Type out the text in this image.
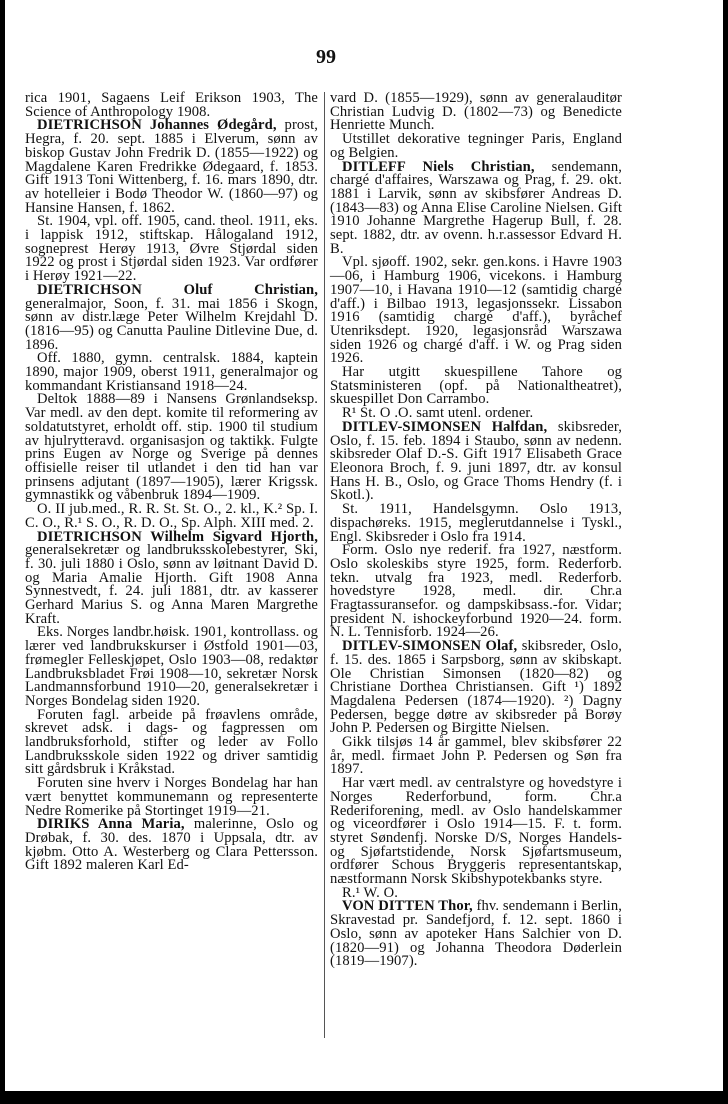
99

rica 1901, Sagaens Leif Erikson 1903, The Science of Anthropology 1908.

DIETRICHSON Johannes Ødegård, prost, Hegra, f. 20. sept. 1885 i Elverum, sønn av biskop Gustav John Fredrik D. (1855—1922) og Magdalene Karen Fredrikke Ødegaard, f. 1853. Gift 1913 Toni Wittenberg, f. 16. mars 1890, dtr. av hotelleier i Bodø Theodor W. (1860—97) og Hansine Hansen, f. 1862.

St. 1904, vpl. off. 1905, cand. theol. 1911, eks. i lappisk 1912, stiftskap. Hålogaland 1912, sogneprest Herøy 1913, Øvre Stjørdal siden 1922 og prost i Stjørdal siden 1923. Var ordfører i Herøy 1921—22.

DIETRICHSON Oluf Christian, generalmajor, Soon, f. 31. mai 1856 i Skogn, sønn av distr.læge Peter Wilhelm Krejdahl D. (1816—95) og Canutta Pauline Ditlevine Due, d. 1896.

Off. 1880, gymn. centralsk. 1884, kaptein 1890, major 1909, oberst 1911, generalmajor og kommandant Kristiansand 1918—24.

Deltok 1888—89 i Nansens Grønlandseksp. Var medl. av den dept. komite til reformering av soldatutstyret, erholdt off. stip. 1900 til studium av hjulrytteravd. organisasjon og taktikk. Fulgte prins Eugen av Norge og Sverige på dennes offisielle reiser til utlandet i den tid han var prinsens adjutant (1897—1905), lærer Krigssk. gymnastikk og våbenbruk 1894—1909.

O. II jub.med., R. R. St. St. O., 2. kl., K.² Sp. I. C. O., R.¹ S. O., R. D. O., Sp. Alph. XIII med. 2.

DIETRICHSON Wilhelm Sigvard Hjorth, generalsekretær og landbruksskolebestyrer, Ski, f. 30. juli 1880 i Oslo, sønn av løitnant David D. og Maria Amalie Hjorth. Gift 1908 Anna Synnestvedt, f. 24. juli 1881, dtr. av kasserer Gerhard Marius S. og Anna Maren Margrethe Kraft.

Eks. Norges landbr.høisk. 1901, kontrollass. og lærer ved landbrukskurser i Østfold 1901—03, frømegler Felleskjøpet, Oslo 1903—08, redaktør Landbruksbladet Frøi 1908—10, sekretær Norsk Landmannsforbund 1910—20, generalsekretær i Norges Bondelag siden 1920.

Foruten fagl. arbeide på frøavlens område, skrevet adsk. i dags- og fagpressen om landbruksforhold, stifter og leder av Follo Landbruksskole siden 1922 og driver samtidig sitt gårdsbruk i Kråkstad.

Foruten sine hverv i Norges Bondelag har han vært benyttet kommunemann og representerte Nedre Romerike på Stortinget 1919—21.

DIRIKS Anna Maria, malerinne, Oslo og Drøbak, f. 30. des. 1870 i Uppsala, dtr. av kjøbm. Otto A. Westerberg og Clara Pettersson. Gift 1892 maleren Karl Ed-

vard D. (1855—1929), sønn av generalauditør Christian Ludvig D. (1802—73) og Benedicte Henriette Munch.

Utstillet dekorative tegninger Paris, England og Belgien.

DITLEFF Niels Christian, sendemann, chargé d'affaires, Warszawa og Prag, f. 29. okt. 1881 i Larvik, sønn av skibsfører Andreas D. (1843—83) og Anna Elise Caroline Nielsen. Gift 1910 Johanne Margrethe Hagerup Bull, f. 28. sept. 1882, dtr. av ovenn. h.r.assessor Edvard H. B.

Vpl. sjøoff. 1902, sekr. gen.kons. i Havre 1903—06, i Hamburg 1906, vicekons. i Hamburg 1907—10, i Havana 1910—12 (samtidig chargé d'aff.) i Bilbao 1913, legasjonssekr. Lissabon 1916 (samtidig chargé d'aff.), byråchef Utenriksdept. 1920, legasjonsråd Warszawa siden 1926 og chargé d'aff. i W. og Prag siden 1926.

Har utgitt skuespillene Tahore og Statsministeren (opf. på Nationaltheatret), skuespillet Don Carrambo.

R¹ St. O .O. samt utenl. ordener.

DITLEV-SIMONSEN Halfdan, skibsreder, Oslo, f. 15. feb. 1894 i Staubo, sønn av nedenn. skibsreder Olaf D.-S. Gift 1917 Elisabeth Grace Eleonora Broch, f. 9. juni 1897, dtr. av konsul Hans H. B., Oslo, og Grace Thoms Hendry (f. i Skotl.).

St. 1911, Handelsgymn. Oslo 1913, dispachøreks. 1915, meglerutdannelse i Tyskl., Engl. Skibsreder i Oslo fra 1914.

Form. Oslo nye rederif. fra 1927, næstform. Oslo skoleskibs styre 1925, form. Rederforb. tekn. utvalg fra 1923, medl. Rederforb. hovedstyre 1928, medl. dir. Chr.a Fragtassuransefor. og dampskibsass.-for. Vidar; president N. ishockeyforbund 1920—24. form. N. L. Tennisforb. 1924—26.

DITLEV-SIMONSEN Olaf, skibsreder, Oslo, f. 15. des. 1865 i Sarpsborg, sønn av skibskapt. Ole Christian Simonsen (1820—82) og Christiane Dorthea Christiansen. Gift ¹) 1892 Magdalena Pedersen (1874—1920). ²) Dagny Pedersen, begge døtre av skibsreder på Borøy John P. Pedersen og Birgitte Nielsen.

Gikk tilsjøs 14 år gammel, blev skibsfører 22 år, medl. firmaet John P. Pedersen og Søn fra 1897.

Har vært medl. av centralstyre og hovedstyre i Norges Rederforbund, form. Chr.a Rederiforening, medl. av Oslo handelskammer og viceordfører i Oslo 1914—15. F. t. form. styret Søndenfj. Norske D/S, Norges Handels- og Sjøfartstidende, Norsk Sjøfartsmuseum, ordfører Schous Bryggeris representantskap, næstformann Norsk Skibshypotekbanks styre.

R.¹ W. O.

VON DITTEN Thor, fhv. sendemann i Berlin, Skravestad pr. Sandefjord, f. 12. sept. 1860 i Oslo, sønn av apoteker Hans Salchier von D. (1820—91) og Johanna Theodora Døderlein (1819—1907).
